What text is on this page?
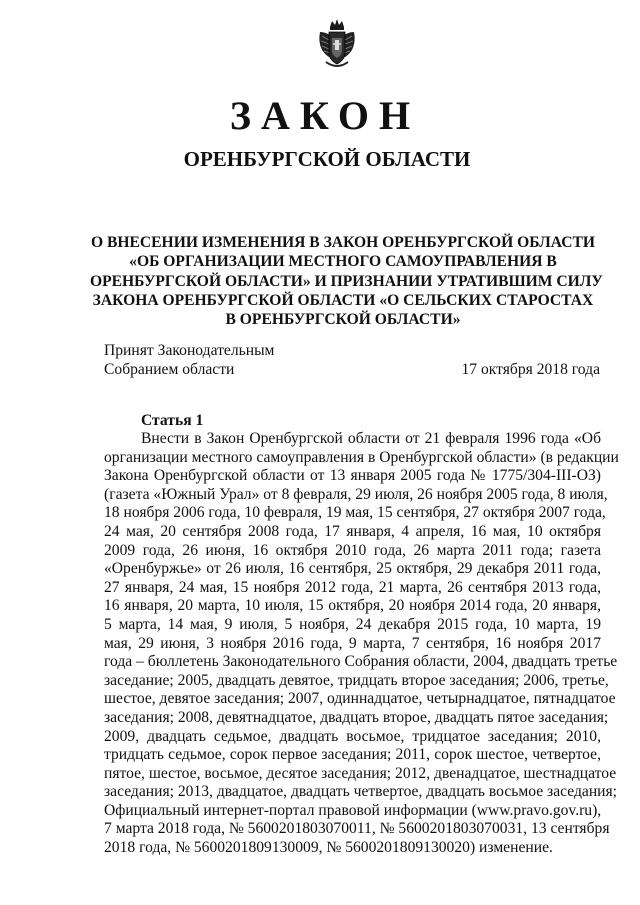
ЗАКОН
ОРЕНБУРГСКОЙ ОБЛАСТИ
О ВНЕСЕНИИ ИЗМЕНЕНИЯ В ЗАКОН ОРЕНБУРГСКОЙ ОБЛАСТИ
«ОБ ОРГАНИЗАЦИИ МЕСТНОГО САМОУПРАВЛЕНИЯ В
ОРЕНБУРГСКОЙ ОБЛАСТИ» И ПРИЗНАНИИ УТРАТИВШИМ СИЛУ
ЗАКОНА ОРЕНБУРГСКОЙ ОБЛАСТИ «О СЕЛЬСКИХ СТАРОСТАХ
В ОРЕНБУРГСКОЙ ОБЛАСТИ»
Принят Законодательным
Собранием области	17 октября 2018 года
Статья 1
Внести в Закон Оренбургской области от 21 февраля 1996 года «Об
организации местного самоуправления в Оренбургской области» (в редакции
Закона Оренбургской области от 13 января 2005 года № 1775/304-III-ОЗ)
(газета «Южный Урал» от 8 февраля, 29 июля, 26 ноября 2005 года, 8 июля,
18 ноября 2006 года, 10 февраля, 19 мая, 15 сентября, 27 октября 2007 года,
24 мая, 20 сентября 2008 года, 17 января, 4 апреля, 16 мая, 10 октября
2009 года, 26 июня, 16 октября 2010 года, 26 марта 2011 года; газета
«Оренбуржье» от 26 июля, 16 сентября, 25 октября, 29 декабря 2011 года,
27 января, 24 мая, 15 ноября 2012 года, 21 марта, 26 сентября 2013 года,
16 января, 20 марта, 10 июля, 15 октября, 20 ноября 2014 года, 20 января,
5 марта, 14 мая, 9 июля, 5 ноября, 24 декабря 2015 года, 10 марта, 19
мая, 29 июня, 3 ноября 2016 года, 9 марта, 7 сентября, 16 ноября 2017
года – бюллетень Законодательного Собрания области, 2004, двадцать третье
заседание; 2005, двадцать девятое, тридцать второе заседания; 2006, третье,
шестое, девятое заседания; 2007, одиннадцатое, четырнадцатое, пятнадцатое
заседания; 2008, девятнадцатое, двадцать второе, двадцать пятое заседания;
2009, двадцать седьмое, двадцать восьмое, тридцатое заседания; 2010,
тридцать седьмое, сорок первое заседания; 2011, сорок шестое, четвертое,
пятое, шестое, восьмое, десятое заседания; 2012, двенадцатое, шестнадцатое
заседания; 2013, двадцатое, двадцать четвертое, двадцать восьмое заседания;
Официальный интернет-портал правовой информации (www.pravo.gov.ru),
7 марта 2018 года, № 5600201803070011, № 5600201803070031, 13 сентября
2018 года, № 5600201809130009, № 5600201809130020) изменение.
